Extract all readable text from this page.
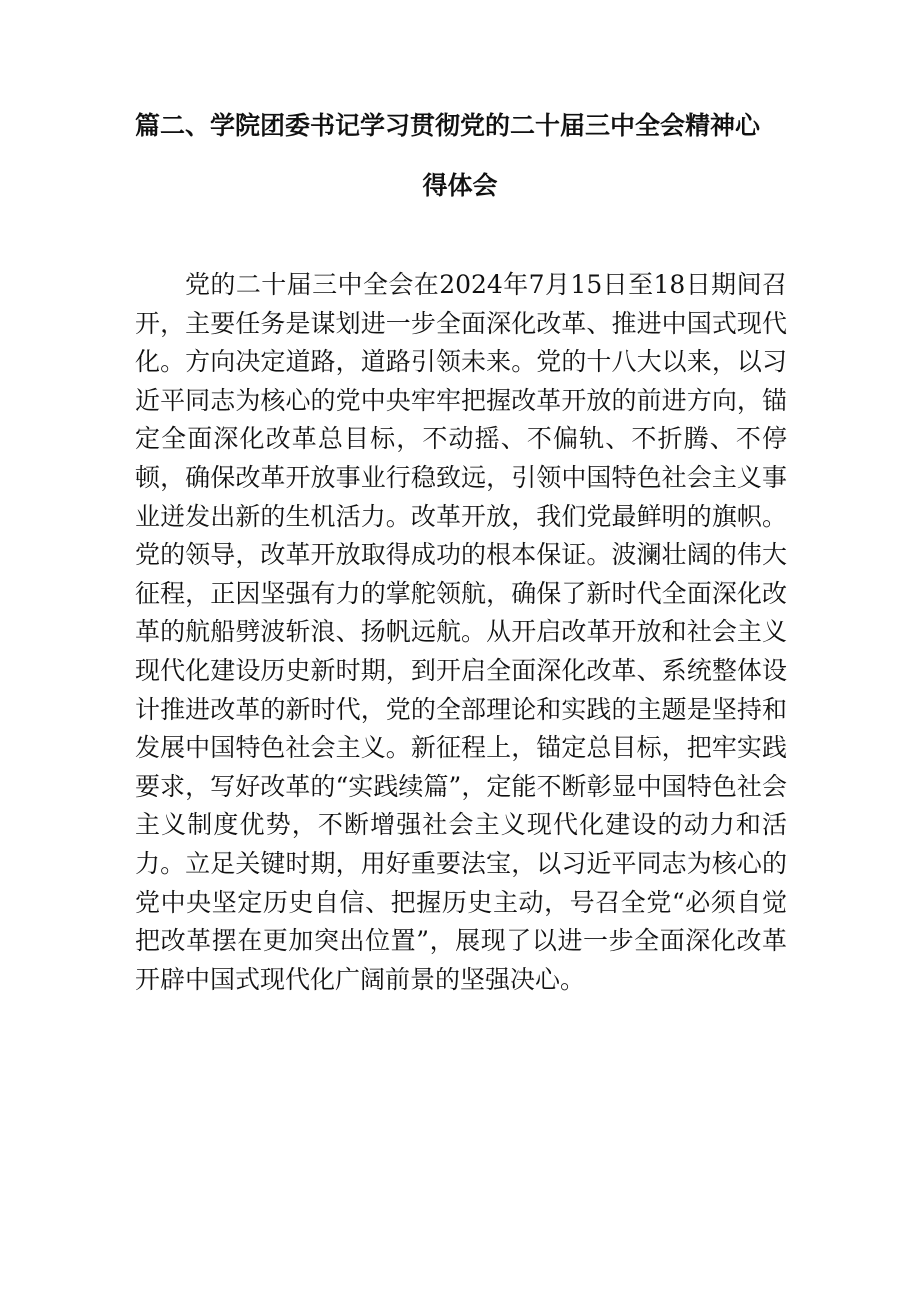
篇二、学院团委书记学习贯彻党的二十届三中全会精神心
得体会

党的二十届三中全会在2024年7月15日至18日期间召开，主要任务是谋划进一步全面深化改革、推进中国式现代化。方向决定道路，道路引领未来。党的十八大以来，以习近平同志为核心的党中央牢牢把握改革开放的前进方向，锚定全面深化改革总目标，不动摇、不偏轨、不折腾、不停顿，确保改革开放事业行稳致远，引领中国特色社会主义事业迸发出新的生机活力。改革开放，我们党最鲜明的旗帜。党的领导，改革开放取得成功的根本保证。波澜壮阔的伟大征程，正因坚强有力的掌舵领航，确保了新时代全面深化改革的航船劈波斩浪、扬帆远航。从开启改革开放和社会主义现代化建设历史新时期，到开启全面深化改革、系统整体设计推进改革的新时代，党的全部理论和实践的主题是坚持和发展中国特色社会主义。新征程上，锚定总目标，把牢实践要求，写好改革的“实践续篇”，定能不断彰显中国特色社会主义制度优势，不断增强社会主义现代化建设的动力和活力。立足关键时期，用好重要法宝，以习近平同志为核心的党中央坚定历史自信、把握历史主动，号召全党“必须自觉把改革摆在更加突出位置”，展现了以进一步全面深化改革开辟中国式现代化广阔前景的坚强决心。
